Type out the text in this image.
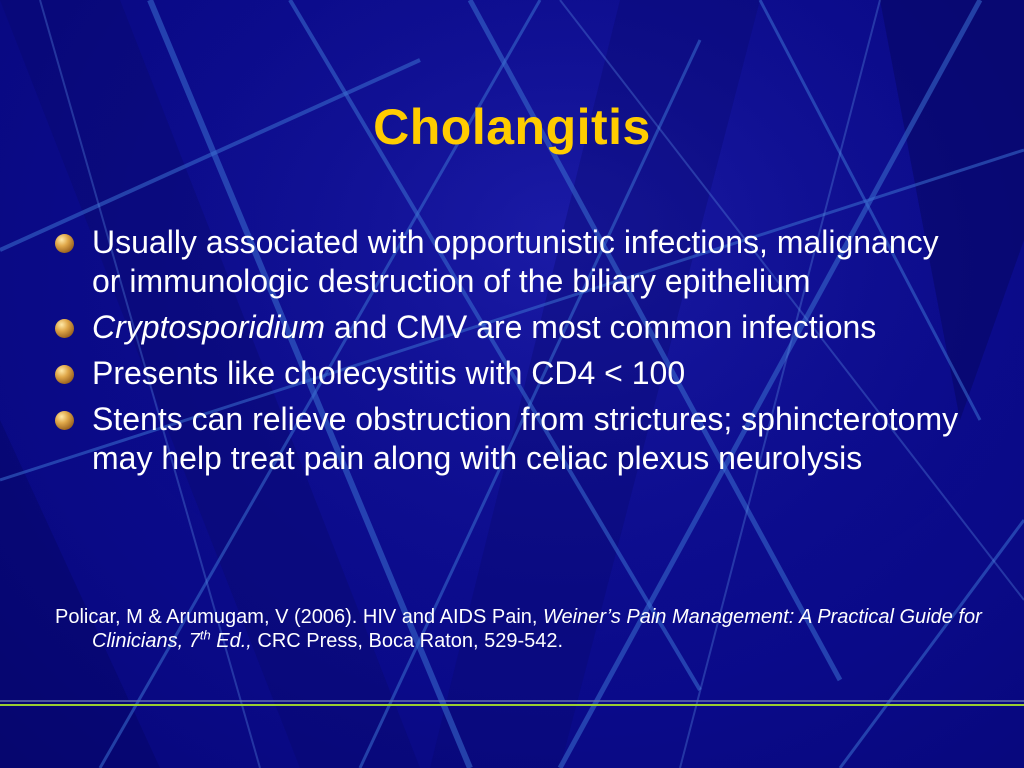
Cholangitis
Usually associated with opportunistic infections, malignancy or immunologic destruction of the biliary epithelium
Cryptosporidium and CMV are most common infections
Presents like cholecystitis with CD4 < 100
Stents can relieve obstruction from strictures; sphincterotomy may help treat pain along with celiac plexus neurolysis
Policar, M & Arumugam, V (2006). HIV and AIDS Pain, Weiner’s Pain Management: A Practical Guide for Clinicians, 7th Ed., CRC Press, Boca Raton, 529-542.
